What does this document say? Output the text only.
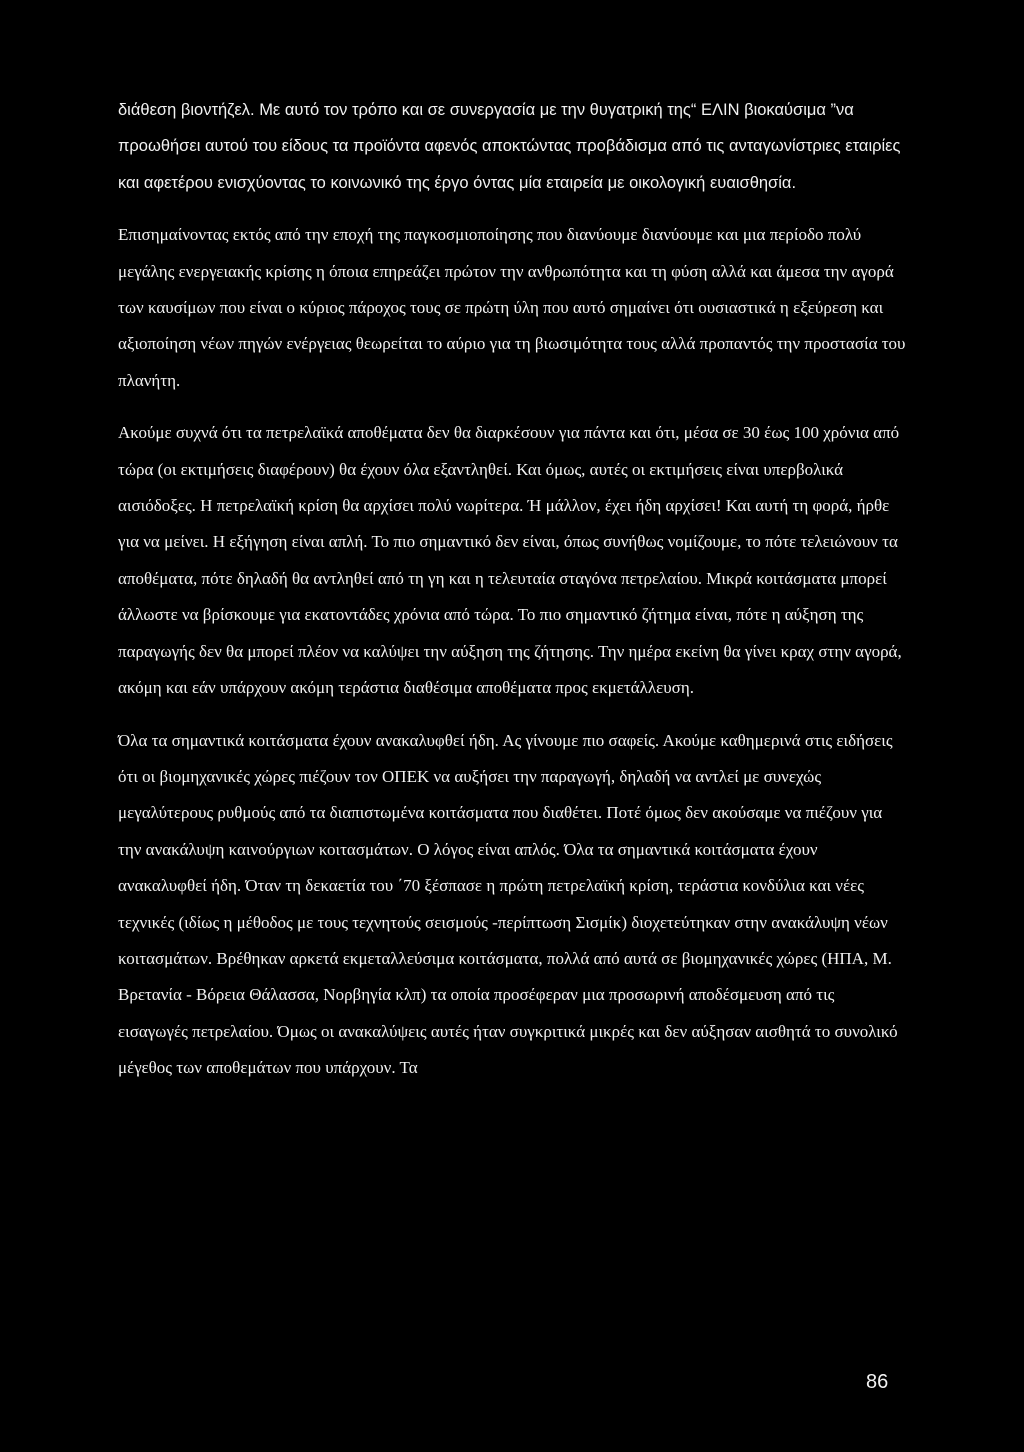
διάθεση βιοντήζελ. Με αυτό τον τρόπο και σε συνεργασία με την θυγατρική της“ ΕΛΙΝ βιοκαύσιμα ”να προωθήσει αυτού του είδους τα προϊόντα αφενός αποκτώντας προβάδισμα από τις ανταγωνίστριες εταιρίες και αφετέρου ενισχύοντας το κοινωνικό της έργο όντας μία εταιρεία με οικολογική ευαισθησία.

Επισημαίνοντας εκτός από την εποχή της παγκοσμιοποίησης που διανύουμε διανύουμε και μια περίοδο πολύ μεγάλης ενεργειακής κρίσης η όποια επηρεάζει πρώτον την ανθρωπότητα και τη φύση αλλά και άμεσα την αγορά των καυσίμων που είναι ο κύριος πάροχος τους σε πρώτη ύλη που αυτό σημαίνει ότι ουσιαστικά η εξεύρεση και αξιοποίηση νέων πηγών ενέργειας θεωρείται το αύριο για τη βιωσιμότητα τους αλλά προπαντός την προστασία του πλανήτη.

Ακούμε συχνά ότι τα πετρελαϊκά αποθέματα δεν θα διαρκέσουν για πάντα και ότι, μέσα σε 30 έως 100 χρόνια από τώρα (οι εκτιμήσεις διαφέρουν) θα έχουν όλα εξαντληθεί. Και όμως, αυτές οι εκτιμήσεις είναι υπερβολικά αισιόδοξες. Η πετρελαϊκή κρίση θα αρχίσει πολύ νωρίτερα. Ή μάλλον, έχει ήδη αρχίσει! Και αυτή τη φορά, ήρθε για να μείνει. Η εξήγηση είναι απλή. Το πιο σημαντικό δεν είναι, όπως συνήθως νομίζουμε, το πότε τελειώνουν τα αποθέματα, πότε δηλαδή θα αντληθεί από τη γη και η τελευταία σταγόνα πετρελαίου. Μικρά κοιτάσματα μπορεί άλλωστε να βρίσκουμε για εκατοντάδες χρόνια από τώρα. Το πιο σημαντικό ζήτημα είναι, πότε η αύξηση της παραγωγής δεν θα μπορεί πλέον να καλύψει την αύξηση της ζήτησης. Την ημέρα εκείνη θα γίνει κραχ στην αγορά, ακόμη και εάν υπάρχουν ακόμη τεράστια διαθέσιμα αποθέματα προς εκμετάλλευση.

Όλα τα σημαντικά κοιτάσματα έχουν ανακαλυφθεί ήδη. Ας γίνουμε πιο σαφείς. Ακούμε καθημερινά στις ειδήσεις ότι οι βιομηχανικές χώρες πιέζουν τον ΟΠΕΚ να αυξήσει την παραγωγή, δηλαδή να αντλεί με συνεχώς μεγαλύτερους ρυθμούς από τα διαπιστωμένα κοιτάσματα που διαθέτει. Ποτέ όμως δεν ακούσαμε να πιέζουν για την ανακάλυψη καινούργιων κοιτασμάτων. Ο λόγος είναι απλός. Όλα τα σημαντικά κοιτάσματα έχουν ανακαλυφθεί ήδη. Όταν τη δεκαετία του ΄70 ξέσπασε η πρώτη πετρελαϊκή κρίση, τεράστια κονδύλια και νέες τεχνικές (ιδίως η μέθοδος με τους τεχνητούς σεισμούς -περίπτωση Σισμίκ) διοχετεύτηκαν στην ανακάλυψη νέων κοιτασμάτων. Βρέθηκαν αρκετά εκμεταλλεύσιμα κοιτάσματα, πολλά από αυτά σε βιομηχανικές χώρες (ΗΠΑ, Μ. Βρετανία - Βόρεια Θάλασσα, Νορβηγία κλπ) τα οποία προσέφεραν μια προσωρινή αποδέσμευση από τις εισαγωγές πετρελαίου. Όμως οι ανακαλύψεις αυτές ήταν συγκριτικά μικρές και δεν αύξησαν αισθητά το συνολικό μέγεθος των αποθεμάτων που υπάρχουν. Τα

86
